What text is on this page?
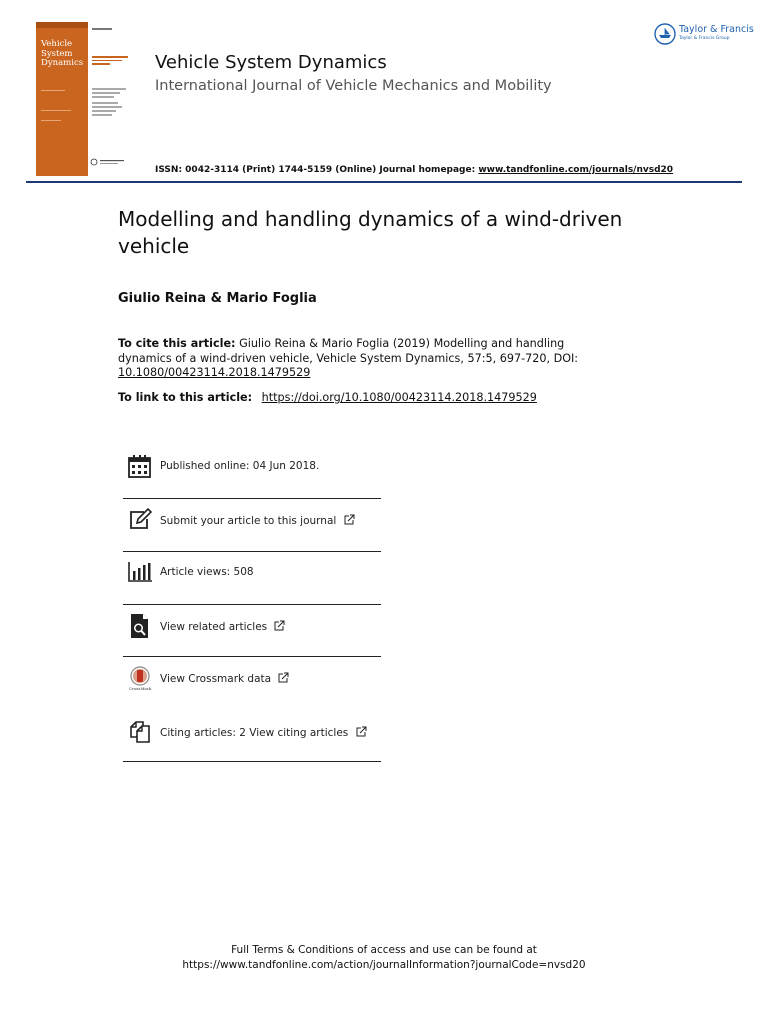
Vehicle
System
Dynamics	Vehicle System Dynamics
International Journal of Vehicle Mechanics and Mobility
ISSN: 0042-3114 (Print) 1744-5159 (Online) Journal homepage: www.tandfonline.com/journals/nvsd20
Taylor & Francis
Taylor & Francis Group
Modelling and handling dynamics of a wind-driven vehicle
Giulio Reina & Mario Foglia
To cite this article: Giulio Reina & Mario Foglia (2019) Modelling and handling dynamics of a wind-driven vehicle, Vehicle System Dynamics, 57:5, 697-720, DOI: 10.1080/00423114.2018.1479529
To link to this article: https://doi.org/10.1080/00423114.2018.1479529
Published online: 04 Jun 2018.
Submit your article to this journal
Article views: 508
View related articles
CrossMark
View Crossmark data
Citing articles: 2 View citing articles
Full Terms & Conditions of access and use can be found at
https://www.tandfonline.com/action/journalInformation?journalCode=nvsd20
